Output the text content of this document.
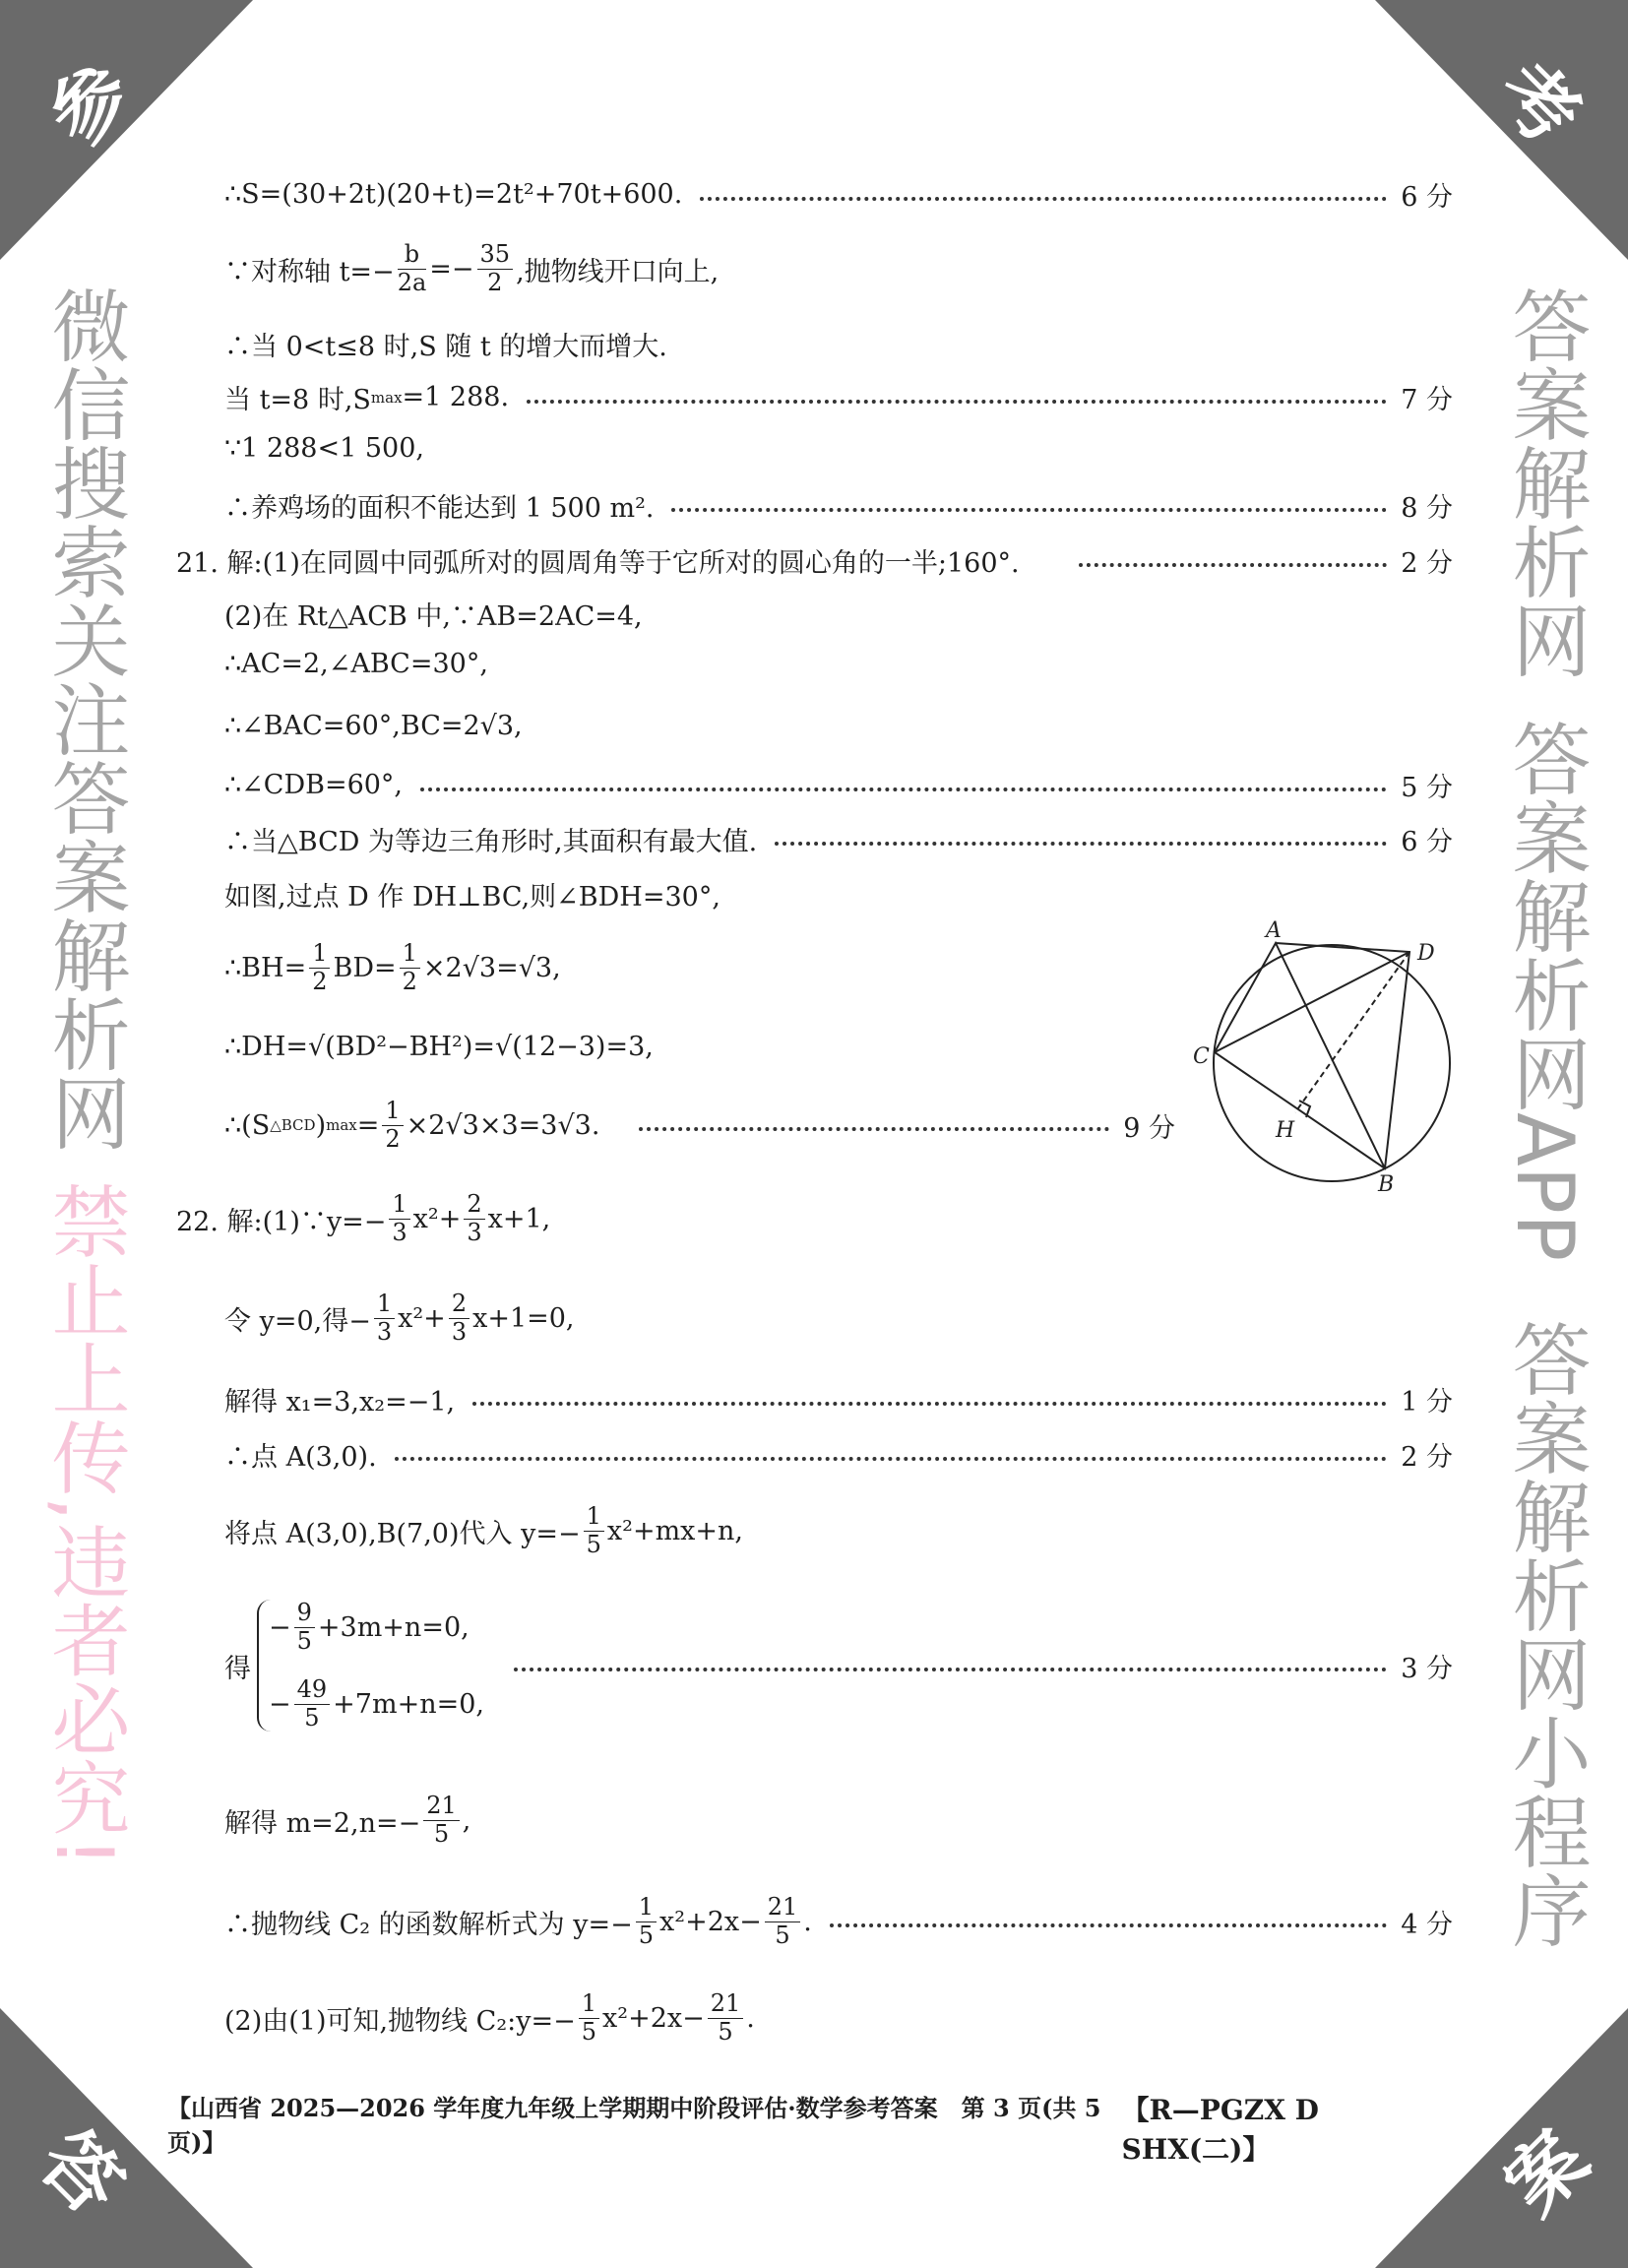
参	考
答	案
∴S=(30+2t)(20+t)=2t²+70t+600.	6 分
∵对称轴 $t=- \frac{b}{2a} =- \frac{35}{2}$ ,抛物线开口向上,
∴当 0<t≤8 时,S 随 t 的增大而增大.
当 t=8 时,S max =1 288.	7 分
∵1 288<1 500,
∴养鸡场的面积不能达到 1 500 m².	8 分
21. 解:(1)在同圆中同弧所对的圆周角等于它所对的圆心角的一半;160°.	2 分
(2)在 Rt△ACB 中,∵AB=2AC=4,
∴AC=2,∠ABC=30°,
∴∠BAC=60°,BC=2√3,
∴∠CDB=60°,	5 分
∴当△BCD 为等边三角形时,其面积有最大值.	6 分
如图,过点 D 作 DH⊥BC,则∠BDH=30°,
∴BH= $\frac{1}{2} BD= \frac{1}{2} \times 2√3=√3$,
∴DH=√(BD²−BH²)=√(12−3)=3,
∴(S △BCD ) $\max = \frac{1}{2} \times 2√3\times 3=3√3$.	9 分
A
D
C
B
H
22. 解:(1)∵y=− $\frac{1}{3} x^2+ \frac{2}{3} x+1$,
令 y=0,得− $\frac{1}{3} x^2+ \frac{2}{3} x+1=0$,
解得 x₁=3,x₂=−1,	1 分
∴点 A(3,0).	2 分
将点 A(3,0),B(7,0)代入 $y=- \frac{1}{5} x^2+mx+n$,
得
− $\frac{9}{5} +3m+n=0$,
− $\frac{49}{5} +7m+n=0$,
3 分
解得 $m=2,n=- \frac{21}{5}$ ,
∴抛物线 C₂ 的函数解析式为 $y=- \frac{1}{5} x^2+2x- \frac{21}{5}$ .	4 分
(2)由(1)可知,抛物线 C₂:y=− $\frac{1}{5} x^2+2x- \frac{21}{5}$ .
【山西省 2025—2026 学年度九年级上学期期中阶段评估·数学参考答案　第 3 页(共 5 页)】
【R—PGZX D SHX(二)】
微信搜索关注答案解析网
禁止上传,违者必究!
答案解析网
答案解析网APP
答案解析网小程序
